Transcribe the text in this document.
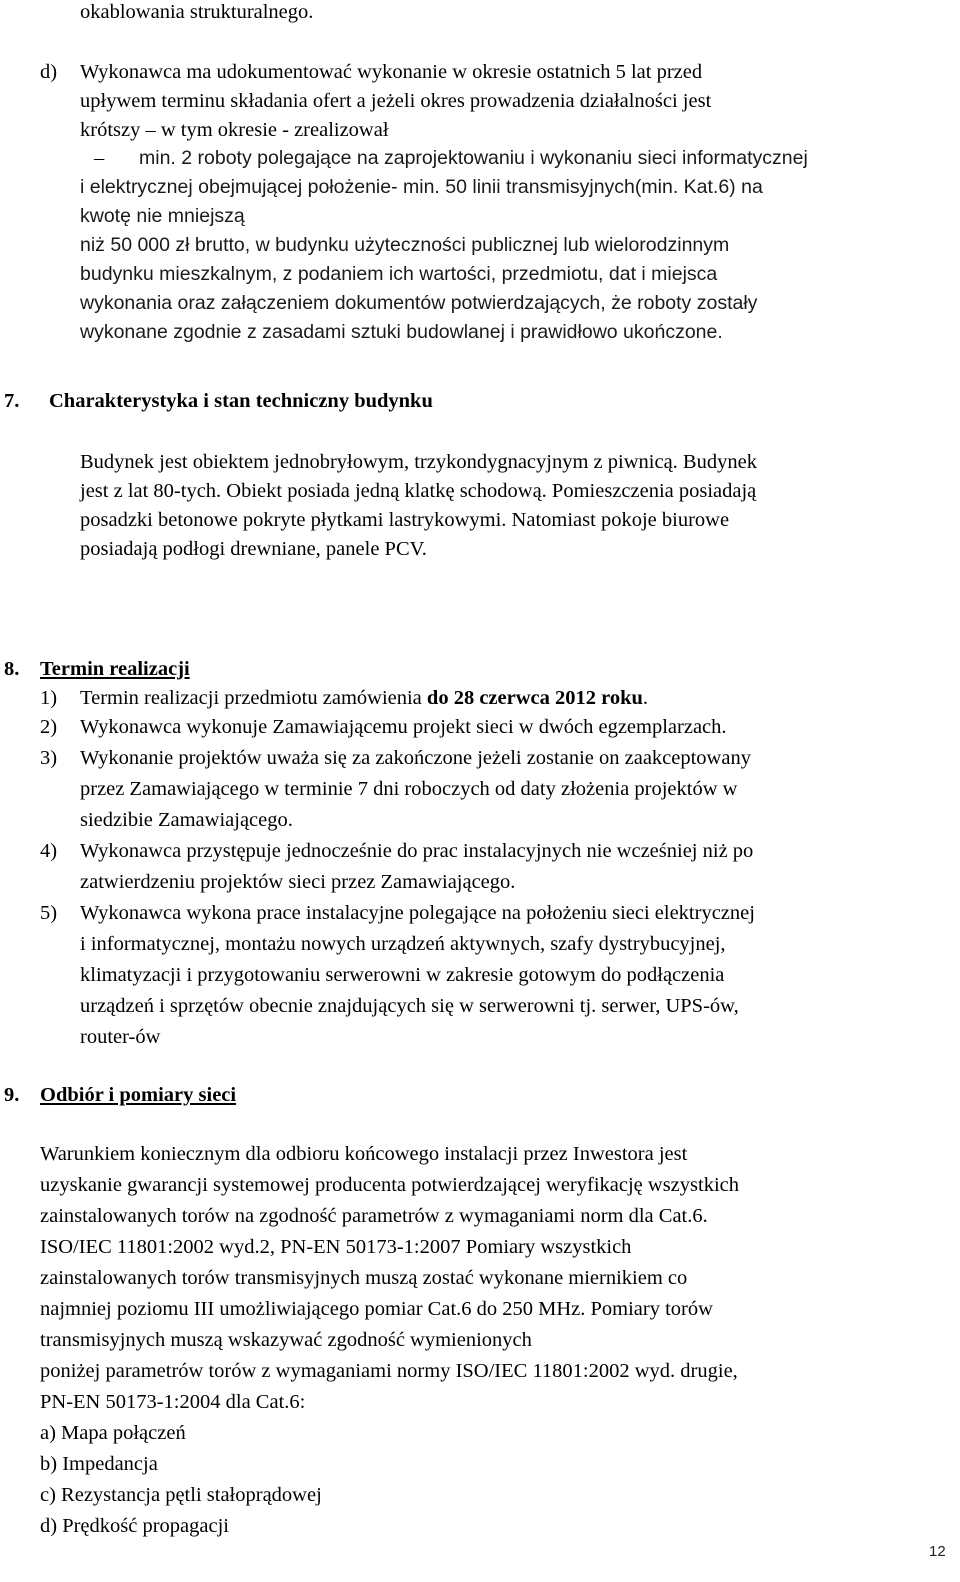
okablowania strukturalnego.
d) Wykonawca ma udokumentować wykonanie w okresie ostatnich 5 lat przed
upływem terminu składania ofert a jeżeli okres prowadzenia działalności jest
krótszy – w tym okresie - zrealizował
– min. 2 roboty polegające na zaprojektowaniu i wykonaniu sieci informatycznej
i elektrycznej obejmującej położenie- min. 50 linii transmisyjnych(min. Kat.6) na
kwotę nie mniejszą
niż 50 000 zł brutto, w budynku użyteczności publicznej lub wielorodzinnym
budynku mieszkalnym, z podaniem ich wartości, przedmiotu, dat i miejsca
wykonania oraz załączeniem dokumentów potwierdzających, że roboty zostały
wykonane zgodnie z zasadami sztuki budowlanej i prawidłowo ukończone.
7. Charakterystyka i stan techniczny budynku
Budynek jest obiektem jednobryłowym, trzykondygnacyjnym z piwnicą. Budynek
jest z lat 80-tych. Obiekt posiada jedną klatkę schodową. Pomieszczenia posiadają
posadzki betonowe pokryte płytkami lastrykowymi. Natomiast pokoje biurowe
posiadają podłogi drewniane, panele PCV.
8. Termin realizacji
1) Termin realizacji przedmiotu zamówienia do 28 czerwca 2012 roku.
2) Wykonawca wykonuje Zamawiającemu projekt sieci w dwóch egzemplarzach.
3) Wykonanie projektów uważa się za zakończone jeżeli zostanie on zaakceptowany
przez Zamawiającego w terminie 7 dni roboczych od daty złożenia projektów w
siedzibie Zamawiającego.
4) Wykonawca przystępuje jednocześnie do prac instalacyjnych nie wcześniej niż po
zatwierdzeniu projektów sieci przez Zamawiającego.
5) Wykonawca wykona prace instalacyjne polegające na położeniu sieci elektrycznej
i informatycznej, montażu nowych urządzeń aktywnych, szafy dystrybucyjnej,
klimatyzacji i przygotowaniu serwerowni w zakresie gotowym do podłączenia
urządzeń i sprzętów obecnie znajdujących się w serwerowni tj. serwer, UPS-ów,
router-ów
9. Odbiór i pomiary sieci
Warunkiem koniecznym dla odbioru końcowego instalacji przez Inwestora jest
uzyskanie gwarancji systemowej producenta potwierdzającej weryfikację wszystkich
zainstalowanych torów na zgodność parametrów z wymaganiami norm dla Cat.6.
ISO/IEC 11801:2002 wyd.2, PN-EN 50173-1:2007 Pomiary wszystkich
zainstalowanych torów transmisyjnych muszą zostać wykonane miernikiem co
najmniej poziomu III umożliwiającego pomiar Cat.6 do 250 MHz. Pomiary torów
transmisyjnych muszą wskazywać zgodność wymienionych
poniżej parametrów torów z wymaganiami normy ISO/IEC 11801:2002 wyd. drugie,
PN-EN 50173-1:2004 dla Cat.6:
a) Mapa połączeń
b) Impedancja
c) Rezystancja pętli stałoprądowej
d) Prędkość propagacji
12
